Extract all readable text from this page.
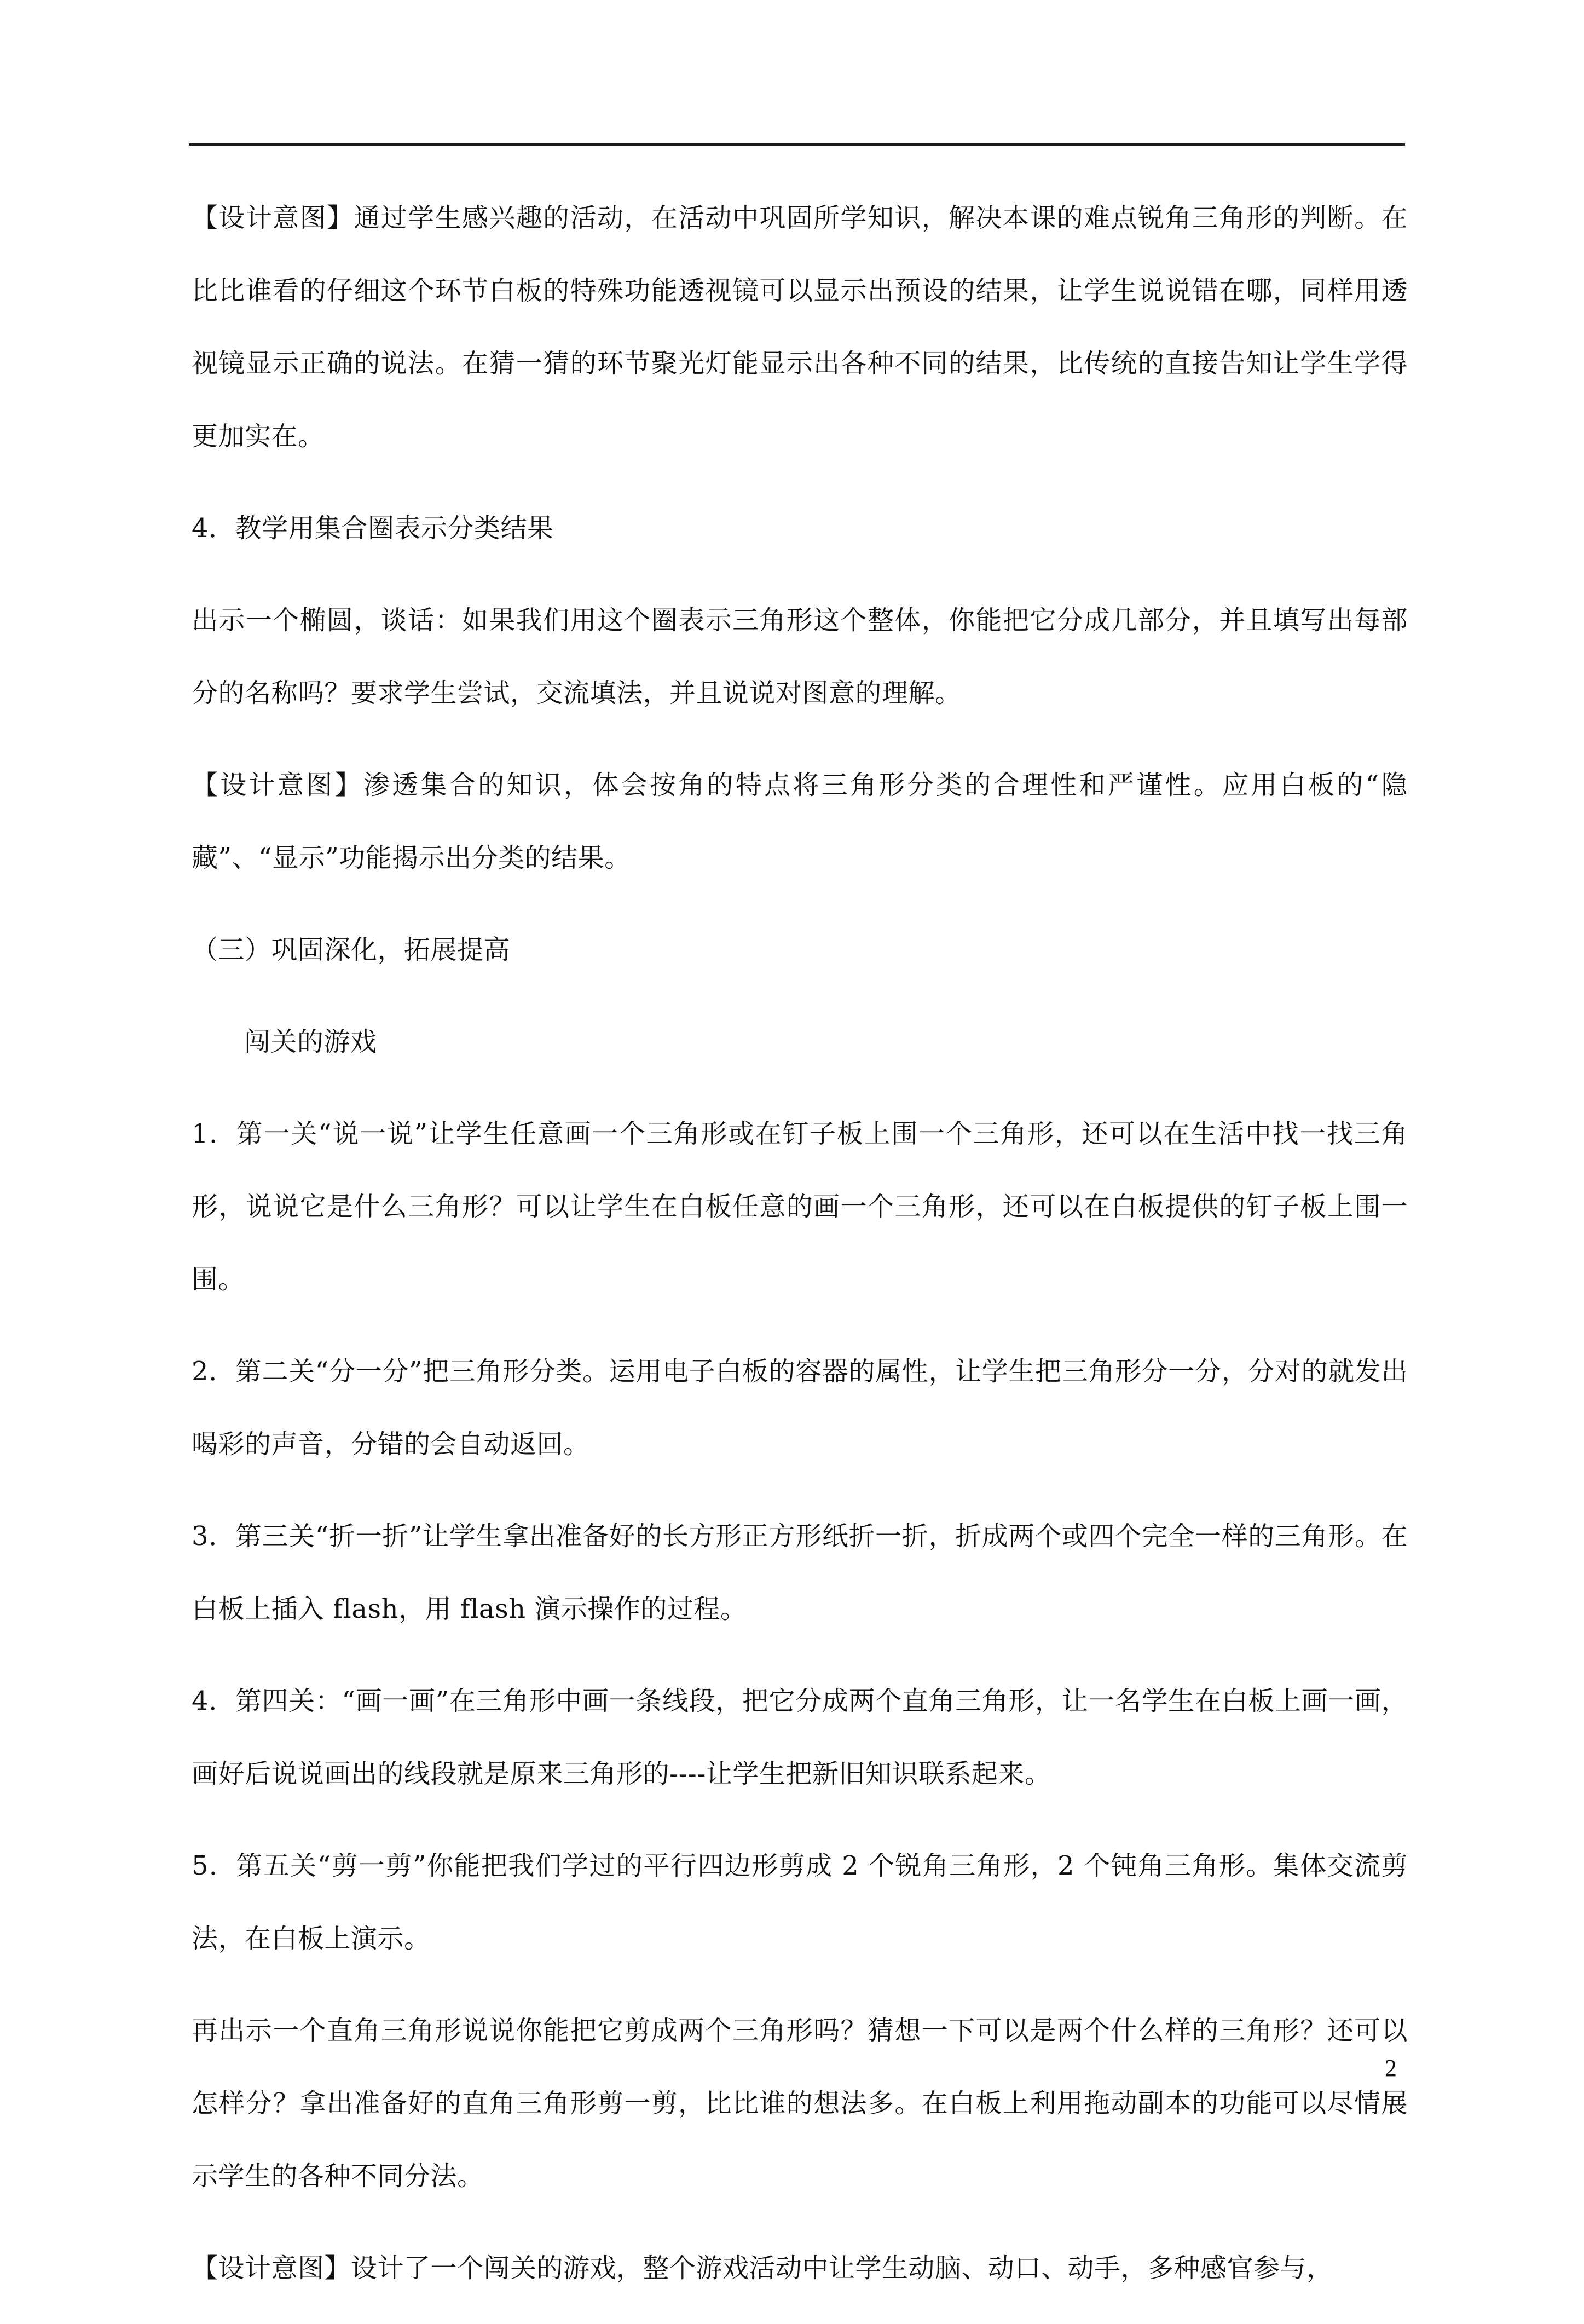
【设计意图】通过学生感兴趣的活动，在活动中巩固所学知识，解决本课的难点锐角三角形的判断。在比比谁看的仔细这个环节白板的特殊功能透视镜可以显示出预设的结果，让学生说说错在哪，同样用透视镜显示正确的说法。在猜一猜的环节聚光灯能显示出各种不同的结果，比传统的直接告知让学生学得更加实在。

4．教学用集合圈表示分类结果

出示一个椭圆，谈话：如果我们用这个圈表示三角形这个整体，你能把它分成几部分，并且填写出每部分的名称吗？要求学生尝试，交流填法，并且说说对图意的理解。

【设计意图】渗透集合的知识，体会按角的特点将三角形分类的合理性和严谨性。应用白板的“隐藏”、“显示”功能揭示出分类的结果。

（三）巩固深化，拓展提高

闯关的游戏

1．第一关“说一说”让学生任意画一个三角形或在钉子板上围一个三角形，还可以在生活中找一找三角形，说说它是什么三角形？可以让学生在白板任意的画一个三角形，还可以在白板提供的钉子板上围一围。

2．第二关“分一分”把三角形分类。运用电子白板的容器的属性，让学生把三角形分一分，分对的就发出喝彩的声音，分错的会自动返回。

3．第三关“折一折”让学生拿出准备好的长方形正方形纸折一折，折成两个或四个完全一样的三角形。在白板上插入 flash，用 flash 演示操作的过程。

4．第四关：“画一画”在三角形中画一条线段，把它分成两个直角三角形，让一名学生在白板上画一画，画好后说说画出的线段就是原来三角形的----让学生把新旧知识联系起来。

5．第五关“剪一剪”你能把我们学过的平行四边形剪成 2 个锐角三角形，2 个钝角三角形。集体交流剪法，在白板上演示。

再出示一个直角三角形说说你能把它剪成两个三角形吗？猜想一下可以是两个什么样的三角形？还可以怎样分？拿出准备好的直角三角形剪一剪，比比谁的想法多。在白板上利用拖动副本的功能可以尽情展示学生的各种不同分法。

【设计意图】设计了一个闯关的游戏，整个游戏活动中让学生动脑、动口、动手，多种感官参与，

2
